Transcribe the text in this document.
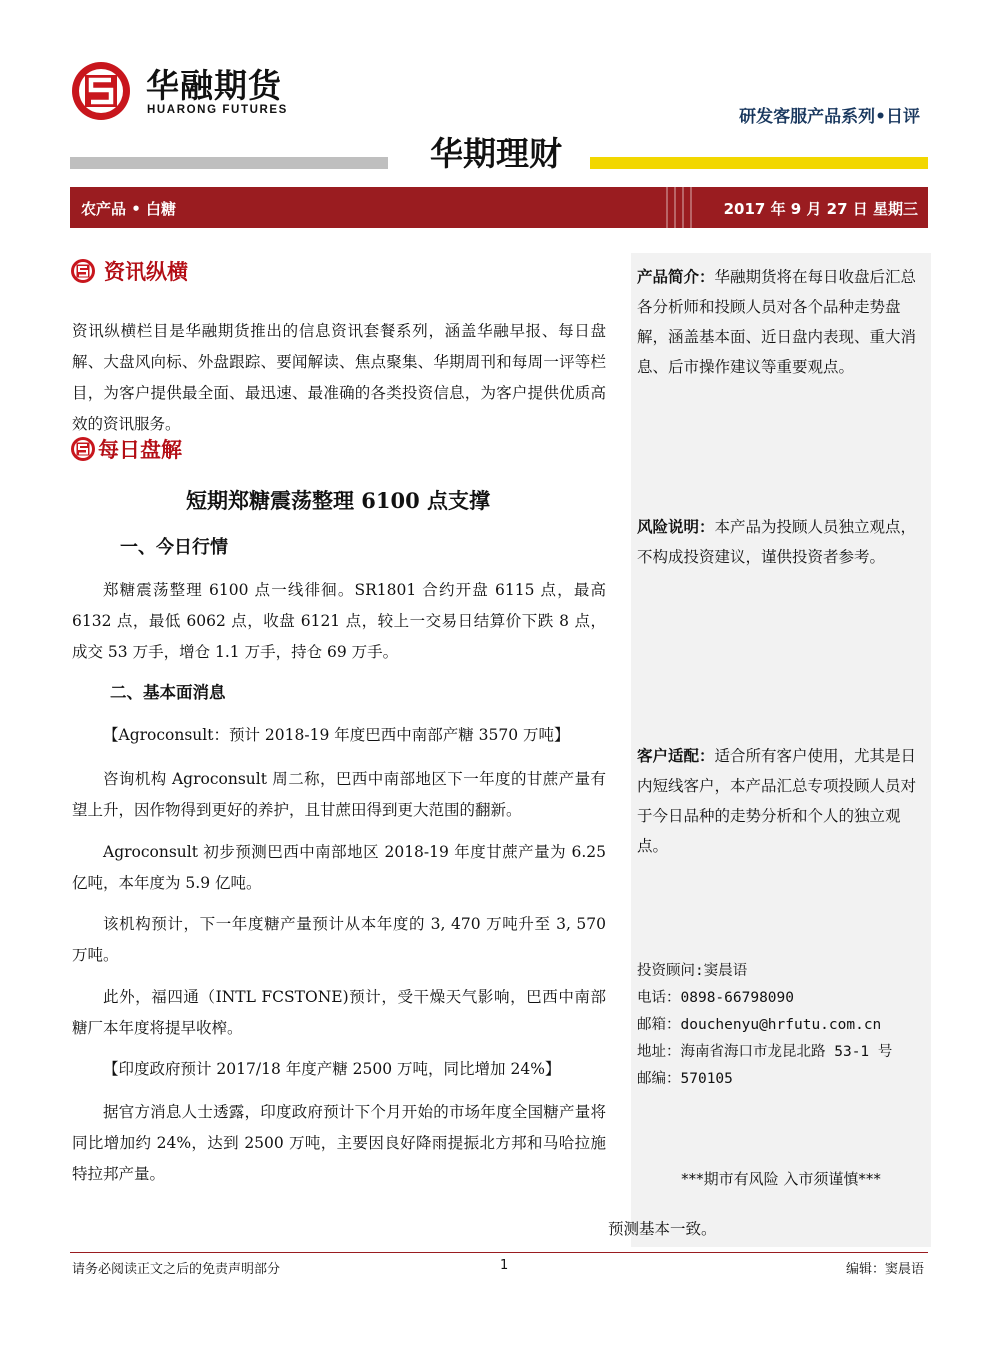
华融期货
HUARONG FUTURES	研发客服产品系列•日评
华期理财
农产品 • 白糖	2017 年 9 月 27 日 星期三
产品简介：华融期货将在每日收盘后汇总各分析师和投顾人员对各个品种走势盘解，涵盖基本面、近日盘内表现、重大消息、后市操作建议等重要观点。
风险说明：本产品为投顾人员独立观点，不构成投资建议，谨供投资者参考。
客户适配：适合所有客户使用，尤其是日内短线客户，本产品汇总专项投顾人员对于今日品种的走势分析和个人的独立观点。
投资顾问:窦晨语
电话：0898-66798090
邮箱：douchenyu@hrfutu.com.cn
地址：海南省海口市龙昆北路 53-1 号
邮编：570105
***期市有风险 入市须谨慎***
资讯纵横
资讯纵横栏目是华融期货推出的信息资讯套餐系列，涵盖华融早报、每日盘解、大盘风向标、外盘跟踪、要闻解读、焦点聚集、华期周刊和每周一评等栏目，为客户提供最全面、最迅速、最准确的各类投资信息，为客户提供优质高效的资讯服务。
每日盘解
短期郑糖震荡整理 6100 点支撑
一、今日行情
郑糖震荡整理 6100 点一线徘徊。SR1801 合约开盘 6115 点，最高 6132 点，最低 6062 点，收盘 6121 点，较上一交易日结算价下跌 8 点，成交 53 万手，增仓 1.1 万手，持仓 69 万手。
二、基本面消息
【Agroconsult：预计 2018-19 年度巴西中南部产糖 3570 万吨】
咨询机构 Agroconsult 周二称，巴西中南部地区下一年度的甘蔗产量有望上升，因作物得到更好的养护，且甘蔗田得到更大范围的翻新。
Agroconsult 初步预测巴西中南部地区 2018-19 年度甘蔗产量为 6.25 亿吨，本年度为 5.9 亿吨。
该机构预计，下一年度糖产量预计从本年度的 3, 470 万吨升至 3, 570 万吨。
此外，福四通（INTL FCSTONE)预计，受干燥天气影响，巴西中南部糖厂本年度将提早收榨。
【印度政府预计 2017/18 年度产糖 2500 万吨，同比增加 24%】
据官方消息人士透露，印度政府预计下个月开始的市场年度全国糖产量将同比增加约 24%，达到 2500 万吨，主要因良好降雨提振北方邦和马哈拉施特拉邦产量。
预测基本一致。
请务必阅读正文之后的免责声明部分	1	编辑：窦晨语
